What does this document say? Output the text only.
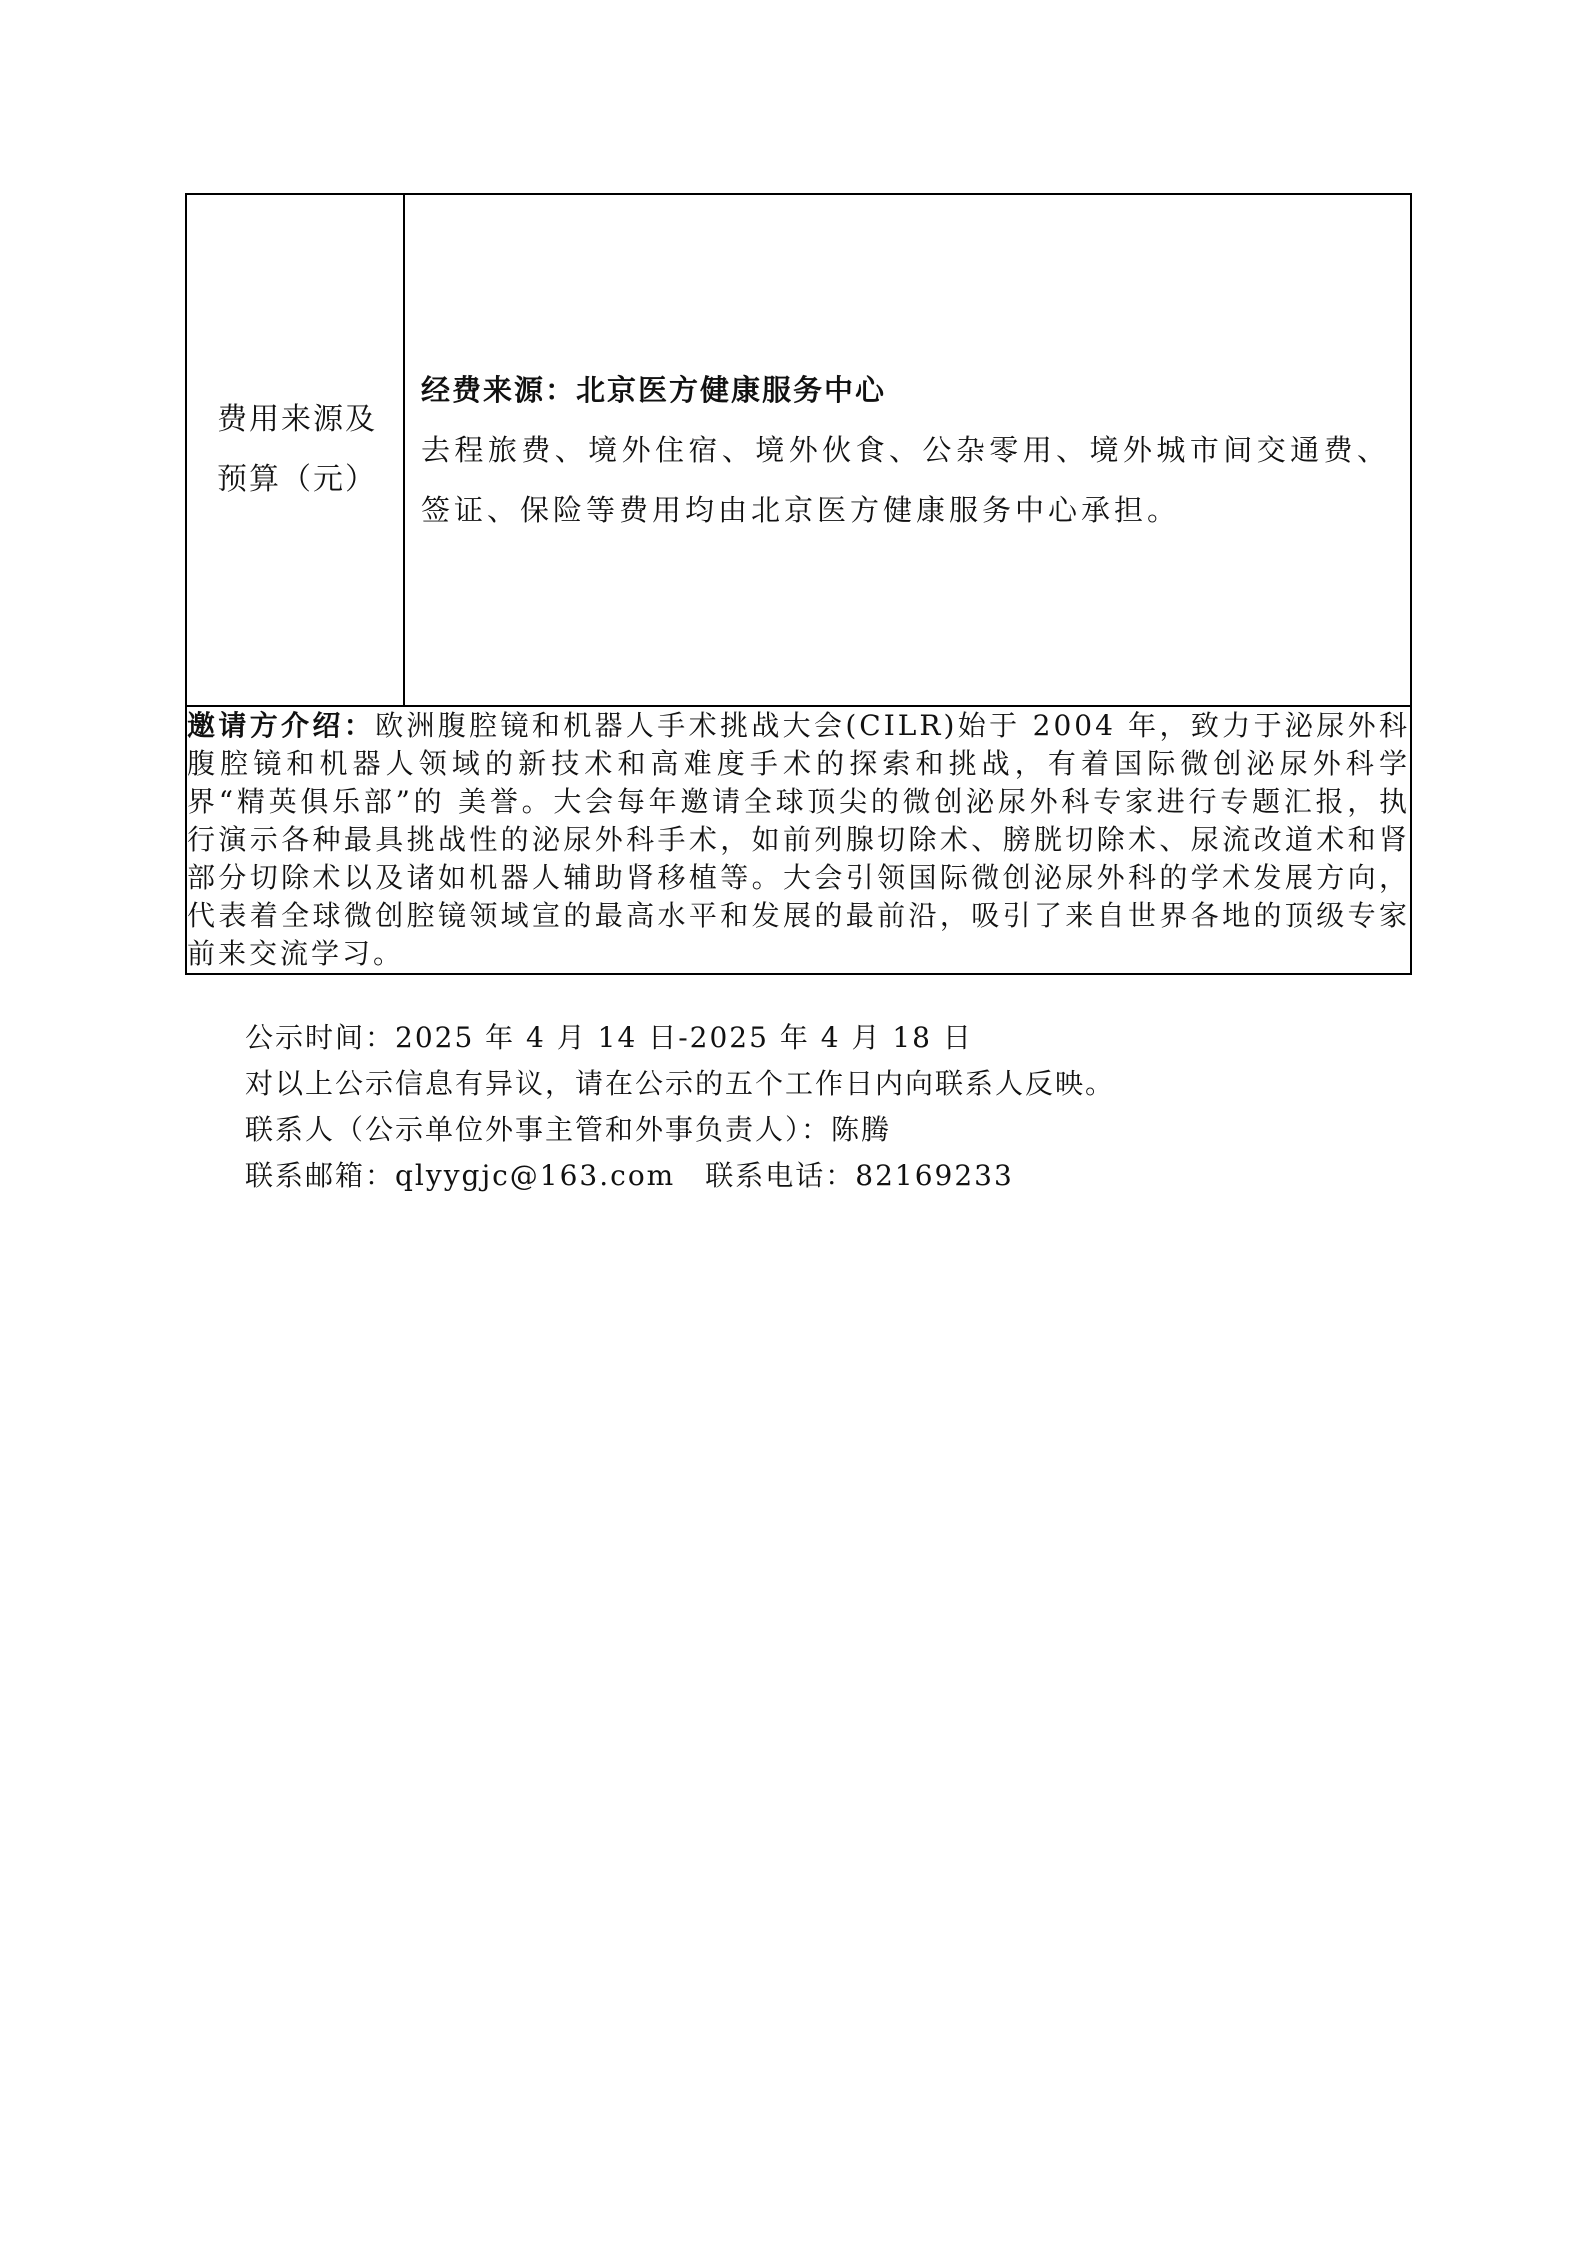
费用来源及预算（元）

经费来源：北京医方健康服务中心
去程旅费、境外住宿、境外伙食、公杂零用、境外城市间交通费、签证、保险等费用均由北京医方健康服务中心承担。

邀请方介绍：欧洲腹腔镜和机器人手术挑战大会(CILR)始于 2004 年，致力于泌尿外科腹腔镜和机器人领域的新技术和高难度手术的探索和挑战，有着国际微创泌尿外科学界“精英俱乐部”的 美誉。大会每年邀请全球顶尖的微创泌尿外科专家进行专题汇报，执行演示各种最具挑战性的泌尿外科手术，如前列腺切除术、膀胱切除术、尿流改道术和肾部分切除术以及诸如机器人辅助肾移植等。大会引领国际微创泌尿外科的学术发展方向，代表着全球微创腔镜领域宣的最高水平和发展的最前沿，吸引了来自世界各地的顶级专家前来交流学习。
公示时间：2025 年 4 月 14 日-2025 年 4 月 18 日
对以上公示信息有异议，请在公示的五个工作日内向联系人反映。
联系人（公示单位外事主管和外事负责人）：陈腾
联系邮箱：qlyygjc@163.com 联系电话：82169233
